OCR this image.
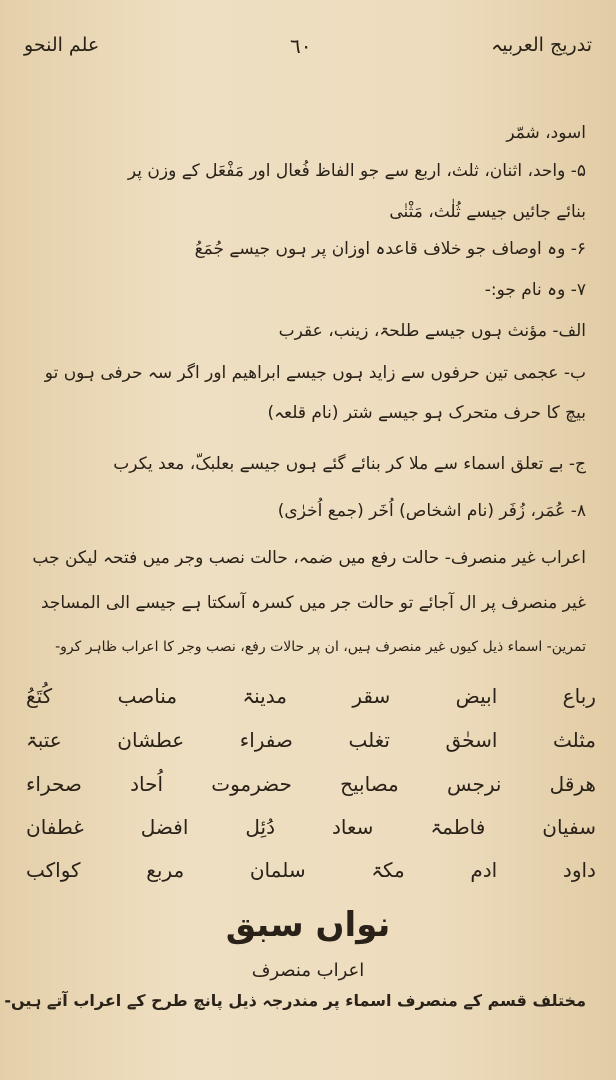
تدریج العربیہ
٦٠
علم النحو
اسود، شمّر
۵- واحد، اثنان، ثلث، اربع سے جو الفاظ فُعال اور مَفْعَل کے وزن پر
بنائے جائیں جیسے ثُلٰث، مَثْنٰی
۶- وہ اوصاف جو خلاف قاعدہ اوزان پر ہوں جیسے جُمَعُ
۷- وہ نام جو:-
الف- مؤنث ہوں جیسے طلحۃ، زینب، عقرب
ب- عجمی تین حرفوں سے زاید ہوں جیسے ابراھیم اور اگر سہ حرفی ہوں تو
بیچ کا حرف متحرک ہو جیسے شتر (نام قلعہ)
ج- بے تعلق اسماء سے ملا کر بنائے گئے ہوں جیسے بعلبکّ، معد یکرب
۸- عُمَر، زُفَر (نام اشخاص) اُخَر (جمع اُخرٰی)
اعراب غیر منصرف- حالت رفع میں ضمہ، حالت نصب وجر میں فتحہ لیکن جب
غیر منصرف پر ال آجائے تو حالت جر میں کسرہ آسکتا ہے جیسے الی المساجد
تمرین- اسماء ذیل کیوں غیر منصرف ہیں، ان پر حالات رفع، نصب وجر کا اعراب ظاہر کرو-
رباع
ابیض
سقر
مدینۃ
مناصب
کُتَعُ
مثلث
اسحٰق
تغلب
صفراء
عطشان
عتبۃ
ھرقل
نرجس
مصابیح
حضرموت
اُحاد
صحراء
سفیان
فاطمۃ
سعاد
دُئِل
افضل
غطفان
داود
ادم
مکۃ
سلمان
مربع
کواکب
نواں سبق
اعراب منصرف
مختلف قسم کے منصرف اسماء پر مندرجہ ذیل پانچ طرح کے اعراب آتے ہیں-
